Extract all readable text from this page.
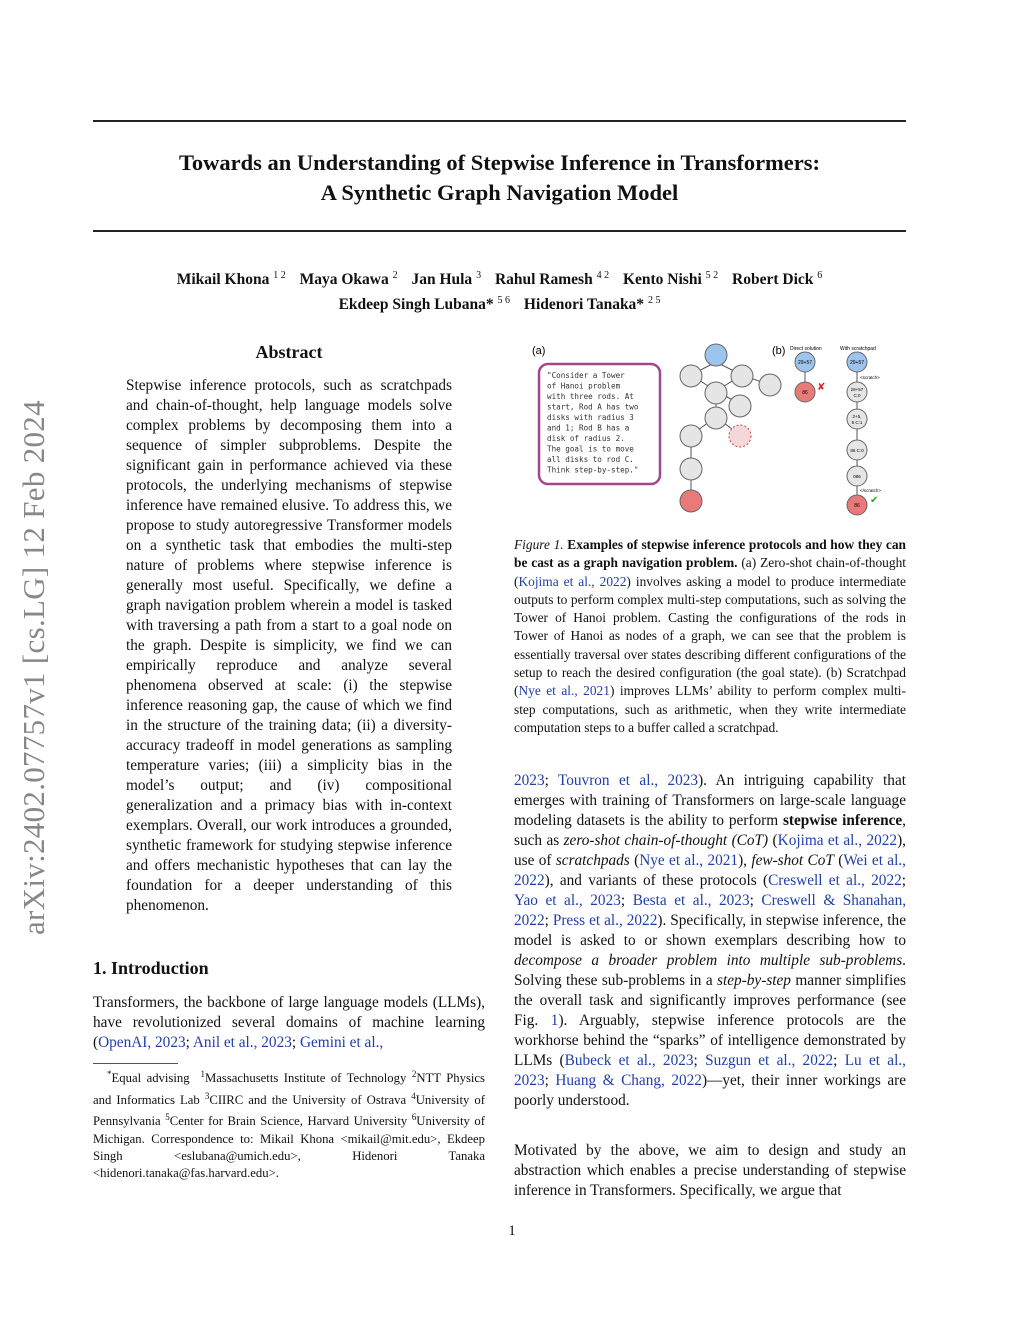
arXiv:2402.07757v1 [cs.LG] 12 Feb 2024
Towards an Understanding of Stepwise Inference in Transformers:
A Synthetic Graph Navigation Model
Mikail Khona $^{1 2}$ Maya Okawa $^2$ Jan Hula $^3$ Rahul Ramesh $^{4 2}$ Kento Nishi $^{5 2}$ Robert Dick $^6$
Ekdeep Singh Lubana* $^{5 6}$ Hidenori Tanaka* $^{2 5}$
Abstract
Stepwise inference protocols, such as scratchpads and chain-of-thought, help language models solve complex problems by decomposing them into a sequence of simpler subproblems. Despite the significant gain in performance achieved via these protocols, the underlying mechanisms of stepwise inference have remained elusive. To address this, we propose to study autoregressive Transformer models on a synthetic task that embodies the multi-step nature of problems where stepwise inference is generally most useful. Specifically, we define a graph navigation problem wherein a model is tasked with traversing a path from a start to a goal node on the graph. Despite is simplicity, we find we can empirically reproduce and analyze several phenomena observed at scale: (i) the stepwise inference reasoning gap, the cause of which we find in the structure of the training data; (ii) a diversity-accuracy tradeoff in model generations as sampling temperature varies; (iii) a simplicity bias in the model’s output; and (iv) compositional generalization and a primacy bias with in-context exemplars. Overall, our work introduces a grounded, synthetic framework for studying stepwise inference and offers mechanistic hypotheses that can lay the foundation for a deeper understanding of this phenomenon.
1. Introduction
Transformers, the backbone of large language models (LLMs), have revolutionized several domains of machine learning (OpenAI, 2023; Anil et al., 2023; Gemini et al.,
*Equal advising $^1$Massachusetts Institute of Technology $^2$NTT Physics and Informatics Lab $^3$CIIRC and the University of Ostrava $^4$University of Pennsylvania $^5$Center for Brain Science, Harvard University $^6$University of Michigan. Correspondence to: Mikail Khona <mikail@mit.edu>, Ekdeep Singh <eslubana@umich.edu>, Hidenori Tanaka <hidenori.tanaka@fas.harvard.edu>.
(a)
"Consider a Tower
of Hanoi problem
with three rods. At
start, Rod A has two
disks with radius 3
and 1; Rod B has a
disk of radius 2.
The goal is to move
all disks to rod C.
Think step-by-step."
(b) Direct solution	With scratchpad
29+57
86 ✘
29+57
<scratch>
29+57
C:0
2+5,
6 C:1
86 C:0
086
</scratch>
86 ✔
Figure 1. Examples of stepwise inference protocols and how they can be cast as a graph navigation problem. (a) Zero-shot chain-of-thought (Kojima et al., 2022) involves asking a model to produce intermediate outputs to perform complex multi-step computations, such as solving the Tower of Hanoi problem. Casting the configurations of the rods in Tower of Hanoi as nodes of a graph, we can see that the problem is essentially traversal over states describing different configurations of the setup to reach the desired configuration (the goal state). (b) Scratchpad (Nye et al., 2021) improves LLMs’ ability to perform complex multi-step computations, such as arithmetic, when they write intermediate computation steps to a buffer called a scratchpad.
2023; Touvron et al., 2023). An intriguing capability that emerges with training of Transformers on large-scale language modeling datasets is the ability to perform stepwise inference, such as zero-shot chain-of-thought (CoT) (Kojima et al., 2022), use of scratchpads (Nye et al., 2021), few-shot CoT (Wei et al., 2022), and variants of these protocols (Creswell et al., 2022; Yao et al., 2023; Besta et al., 2023; Creswell & Shanahan, 2022; Press et al., 2022). Specifically, in stepwise inference, the model is asked to or shown exemplars describing how to decompose a broader problem into multiple sub-problems. Solving these sub-problems in a step-by-step manner simplifies the overall task and significantly improves performance (see Fig. 1). Arguably, stepwise inference protocols are the workhorse behind the “sparks” of intelligence demonstrated by LLMs (Bubeck et al., 2023; Suzgun et al., 2022; Lu et al., 2023; Huang & Chang, 2022)—yet, their inner workings are poorly understood.
Motivated by the above, we aim to design and study an abstraction which enables a precise understanding of stepwise inference in Transformers. Specifically, we argue that
1
